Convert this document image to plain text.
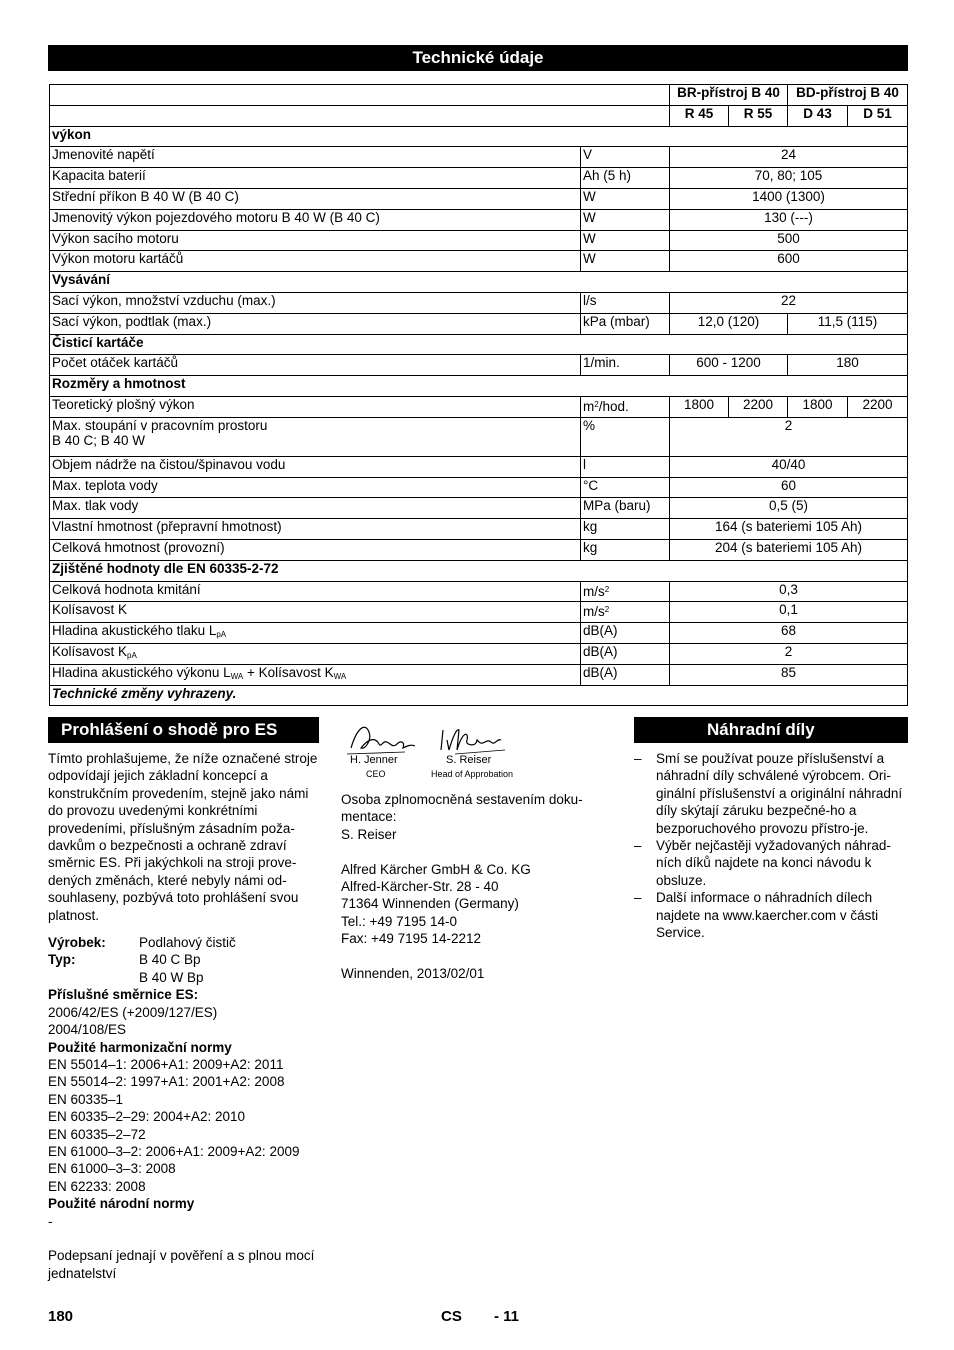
Technické údaje
		BR-přístroj B 40		BD-přístroj B 40	
		R 45	R 55	D 43	D 51
výkon					
Jmenovité napětí	V	24			
Kapacita baterií	Ah (5 h)	70, 80; 105			
Střední příkon B 40 W (B 40 C)	W	1400 (1300)			
Jmenovitý výkon pojezdového motoru B 40 W (B 40 C)	W	130 (---)			
Výkon sacího motoru	W	500			
Výkon motoru kartáčů	W	600			
Vysávání					
Sací výkon, množství vzduchu (max.)	l/s	22			
Sací výkon, podtlak (max.)	kPa (mbar)	12,0 (120)		11,5 (115)	
Čisticí kartáče					
Počet otáček kartáčů	1/min.	600 - 1200		180	
Rozměry a hmotnost					
Teoretický plošný výkon	$m^2$/hod.	1800	2200	1800	2200
Max. stoupání v pracovním prostoru
B 40 C; B 40 W	%	2			
Objem nádrže na čistou/špinavou vodu	l	40/40			
Max. teplota vody	°C	60			
Max. tlak vody	MPa (baru)	0,5 (5)			
Vlastní hmotnost (přepravní hmotnost)	kg	164 (s bateriemi 105 Ah)			
Celková hmotnost (provozní)	kg	204 (s bateriemi 105 Ah)			
Zjištěné hodnoty dle EN 60335-2-72					
Celková hodnota kmitání	$m/s^2$	0,3			
Kolísavost K	$m/s^2$	0,1			
Hladina akustického tlaku $L_{pA}$	dB(A)	68			
Kolísavost $K_{pA}$	dB(A)	2			
Hladina akustického výkonu $L_{WA}$ + Kolísavost $K_{WA}$	dB(A)	85			
Technické změny vyhrazeny.					
Prohlášení o shodě pro ES
Tímto prohlašujeme, že níže označené stroje odpovídají jejich základní koncepcí a konstrukčním provedením, stejně jako námi do provozu uvedenými konkrétními provedeními, příslušným zásadním poža-davkům o bezpečnosti a ochraně zdraví směrnic ES. Při jakýchkoli na stroji prove-dených změnách, které nebyly námi od-souhlaseny, pozbývá toto prohlášení svou platnost.
Výrobek:	Podlahový čistič
Typ:	B 40 C Bp
B 40 W Bp
Příslušné směrnice ES:
2006/42/ES (+2009/127/ES)
2004/108/ES
Použité harmonizační normy
EN 55014–1: 2006+A1: 2009+A2: 2011
EN 55014–2: 1997+A1: 2001+A2: 2008
EN 60335–1
EN 60335–2–29: 2004+A2: 2010
EN 60335–2–72
EN 61000–3–2: 2006+A1: 2009+A2: 2009
EN 61000–3–3: 2008
EN 62233: 2008
Použité národní normy
-
Podepsaní jednají v pověření a s plnou mocí jednatelství
H. Jenner
CEO
S. Reiser
Head of Approbation
Osoba zplnomocněná sestavením doku-mentace:
S. Reiser
Alfred Kärcher GmbH & Co. KG
Alfred-Kärcher-Str. 28 - 40
71364 Winnenden (Germany)
Tel.: +49 7195 14-0
Fax: +49 7195 14-2212
Winnenden, 2013/02/01
Náhradní díly
– Smí se používat pouze příslušenství a náhradní díly schválené výrobcem. Ori-ginální příslušenství a originální náhradní díly skýtají záruku bezpečné-ho a bezporuchového provozu přístro-je.
– Výběr nejčastěji vyžadovaných náhrad-ních díků najdete na konci návodu k obsluze.
– Další informace o náhradních dílech najdete na www.kaercher.com v části Service.
180	CS - 11
